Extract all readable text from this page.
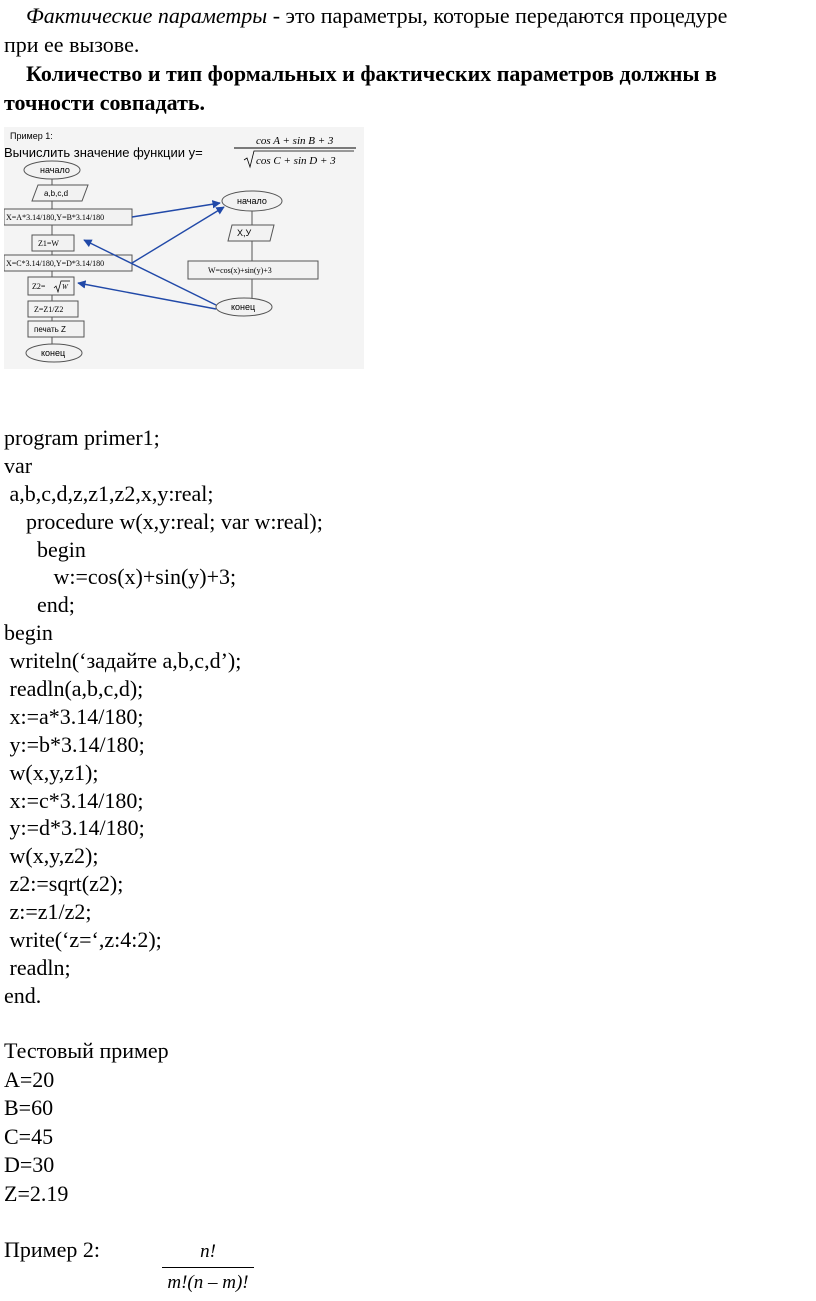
Фактические параметры - это параметры, которые передаются процедуре
при ее вызове.
Количество и тип формальных и фактических параметров должны в
точности совпадать.
Пример 1:
Вычислить значение функции y=
cos A + sin B + 3
cos C + sin D + 3
начало
a,b,c,d
X=A*3.14/180,Y=B*3.14/180
Z1=W
X=C*3.14/180,Y=D*3.14/180
Z2= W
Z=Z1/Z2
печать Z
конец
начало
X,У
W=cos(x)+sin(y)+3
конец
program primer1;
var
a,b,c,d,z,z1,z2,x,y:real;
procedure w(x,y:real; var w:real);
begin
w:=cos(x)+sin(y)+3;
end;
begin
writeln(‘задайте a,b,c,d’);
readln(a,b,c,d);
x:=a*3.14/180;
y:=b*3.14/180;
w(x,y,z1);
x:=c*3.14/180;
y:=d*3.14/180;
w(x,y,z2);
z2:=sqrt(z2);
z:=z1/z2;
write(‘z=‘,z:4:2);
readln;
end.
Тестовый пример
A=20
B=60
C=45
D=30
Z=2.19
Пример 2:	n!
m!(n – m)!
